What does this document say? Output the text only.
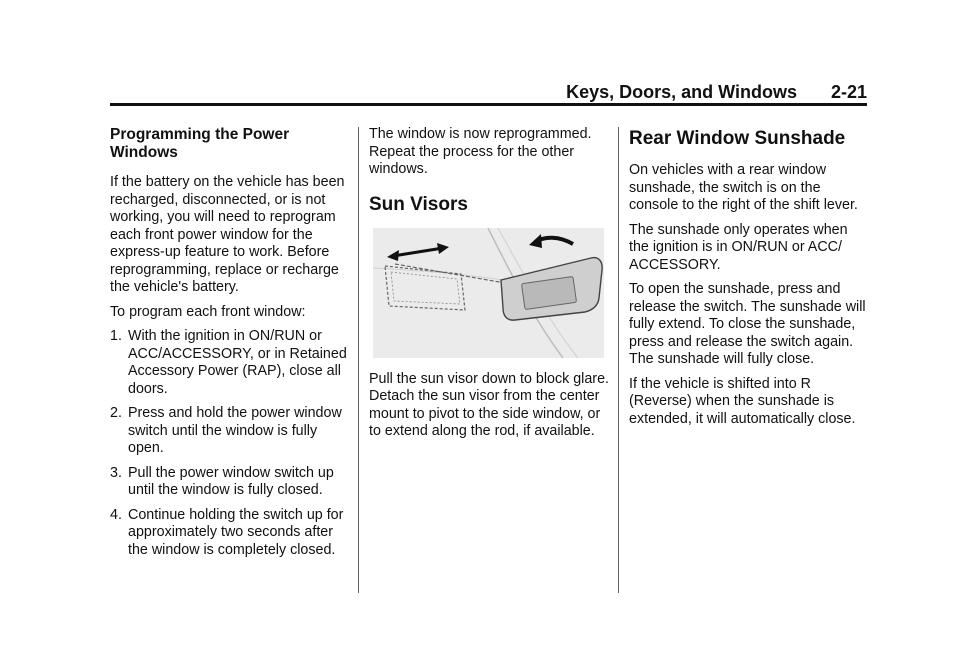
Keys, Doors, and Windows 2-21
Programming the Power Windows

If the battery on the vehicle has been recharged, disconnected, or is not working, you will need to reprogram each front power window for the express-up feature to work. Before reprogramming, replace or recharge the vehicle's battery.

To program each front window:

1. With the ignition in ON/RUN or ACC/ACCESSORY, or in Retained Accessory Power (RAP), close all doors.
2. Press and hold the power window switch until the window is fully open.
3. Pull the power window switch up until the window is fully closed.
4. Continue holding the switch up for approximately two seconds after the window is completely closed.

The window is now reprogrammed. Repeat the process for the other windows.

Sun Visors

Pull the sun visor down to block glare. Detach the sun visor from the center mount to pivot to the side window, or to extend along the rod, if available.

Rear Window Sunshade

On vehicles with a rear window sunshade, the switch is on the console to the right of the shift lever.

The sunshade only operates when the ignition is in ON/RUN or ACC/ ACCESSORY.

To open the sunshade, press and release the switch. The sunshade will fully extend. To close the sunshade, press and release the switch again. The sunshade will fully close.

If the vehicle is shifted into R (Reverse) when the sunshade is extended, it will automatically close.
